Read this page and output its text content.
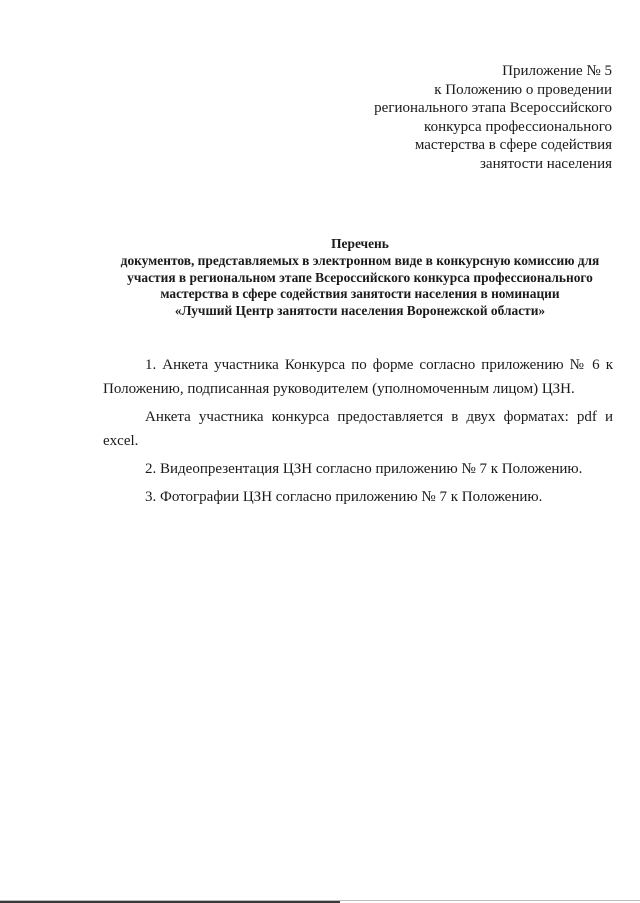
Приложение № 5
к Положению о проведении
регионального этапа Всероссийского
конкурса профессионального
мастерства в сфере содействия
занятости населения
Перечень
документов, представляемых в электронном виде в конкурсную комиссию для
участия в региональном этапе Всероссийского конкурса профессионального
мастерства в сфере содействия занятости населения в номинации
«Лучший Центр занятости населения Воронежской области»

1. Анкета участника Конкурса по форме согласно приложению № 6 к Положению, подписанная руководителем (уполномоченным лицом) ЦЗН.

Анкета участника конкурса предоставляется в двух форматах: pdf и excel.

2. Видеопрезентация ЦЗН согласно приложению № 7 к Положению.

3. Фотографии ЦЗН согласно приложению № 7 к Положению.
